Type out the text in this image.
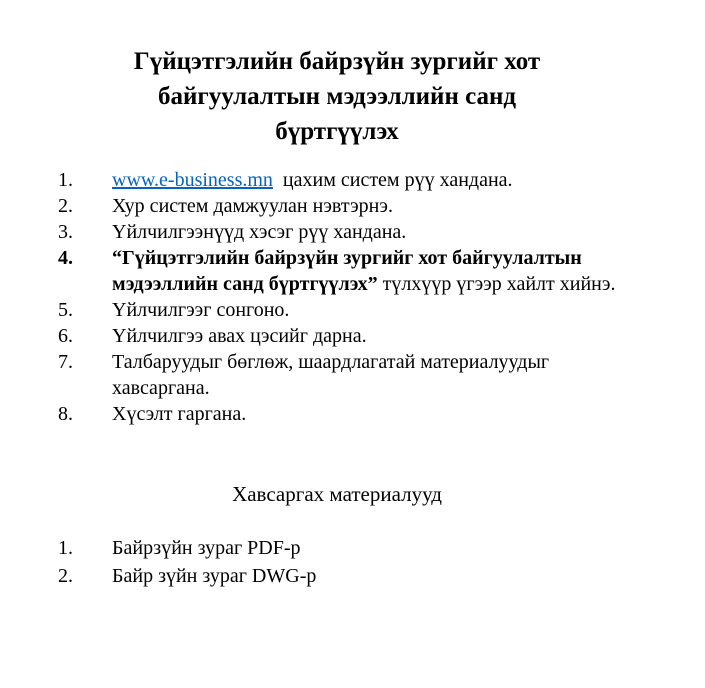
Гүйцэтгэлийн байрзүйн зургийг хот
байгуулалтын мэдээллийн санд
бүртгүүлэх
1.	www.e-business.mn  цахим систем рүү хандана.
2.	Хур систем дамжуулан нэвтэрнэ.
3.	Үйлчилгээнүүд хэсэг рүү хандана.
4.	“Гүйцэтгэлийн байрзүйн зургийг хот байгуулалтын мэдээллийн санд бүртгүүлэх” түлхүүр үгээр хайлт хийнэ.
5.	Үйлчилгээг сонгоно.
6.	Үйлчилгээ авах цэсийг дарна.
7.	Талбаруудыг бөглөж, шаардлагатай материалуудыг хавсаргана.
8.	Хүсэлт гаргана.
Хавсаргах материалууд
1.	Байрзүйн зураг PDF-р
2.	Байр зүйн зураг DWG-р
